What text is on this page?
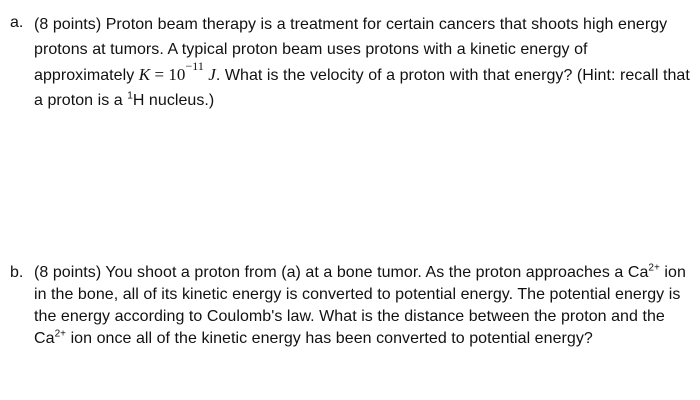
a. (8 points) Proton beam therapy is a treatment for certain cancers that shoots high energy protons at tumors. A typical proton beam uses protons with a kinetic energy of approximately $K = 10^{-11}$ J. What is the velocity of a proton with that energy? (Hint: recall that a proton is a $^1$H nucleus.)
b. (8 points) You shoot a proton from (a) at a bone tumor. As the proton approaches a $Ca^{2+}$ ion in the bone, all of its kinetic energy is converted to potential energy. The potential energy is the energy according to Coulomb's law. What is the distance between the proton and the $Ca^{2+}$ ion once all of the kinetic energy has been converted to potential energy?
